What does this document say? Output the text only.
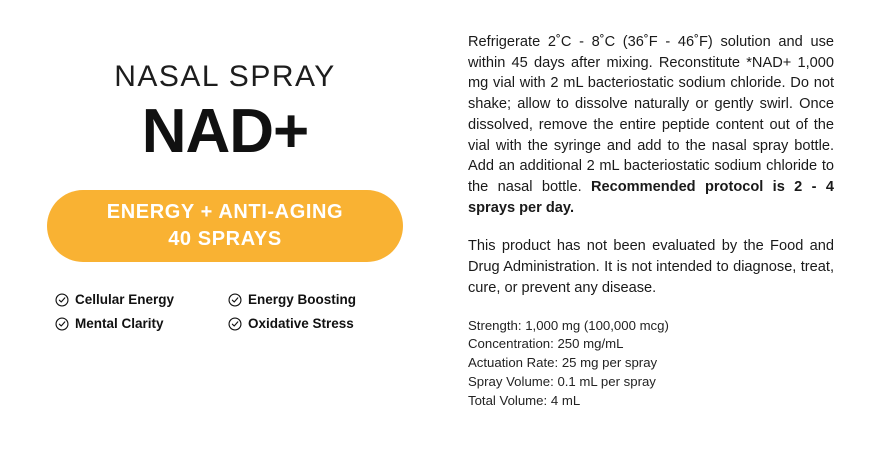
NASAL SPRAY
NAD+
ENERGY + ANTI-AGING
40 SPRAYS
Cellular Energy	Energy Boosting
Mental Clarity	Oxidative Stress

Refrigerate 2˚C - 8˚C (36˚F - 46˚F) solution and use within 45 days after mixing. Reconstitute *NAD+ 1,000 mg vial with 2 mL bacteriostatic sodium chloride. Do not shake; allow to dissolve naturally or gently swirl. Once dissolved, remove the entire peptide content out of the vial with the syringe and add to the nasal spray bottle. Add an additional 2 mL bacteriostatic sodium chloride to the nasal bottle. Recommended protocol is 2 - 4 sprays per day.

This product has not been evaluated by the Food and Drug Administration. It is not intended to diagnose, treat, cure, or prevent any disease.

Strength: 1,000 mg (100,000 mcg)
Concentration: 250 mg/mL
Actuation Rate: 25 mg per spray
Spray Volume: 0.1 mL per spray
Total Volume: 4 mL
